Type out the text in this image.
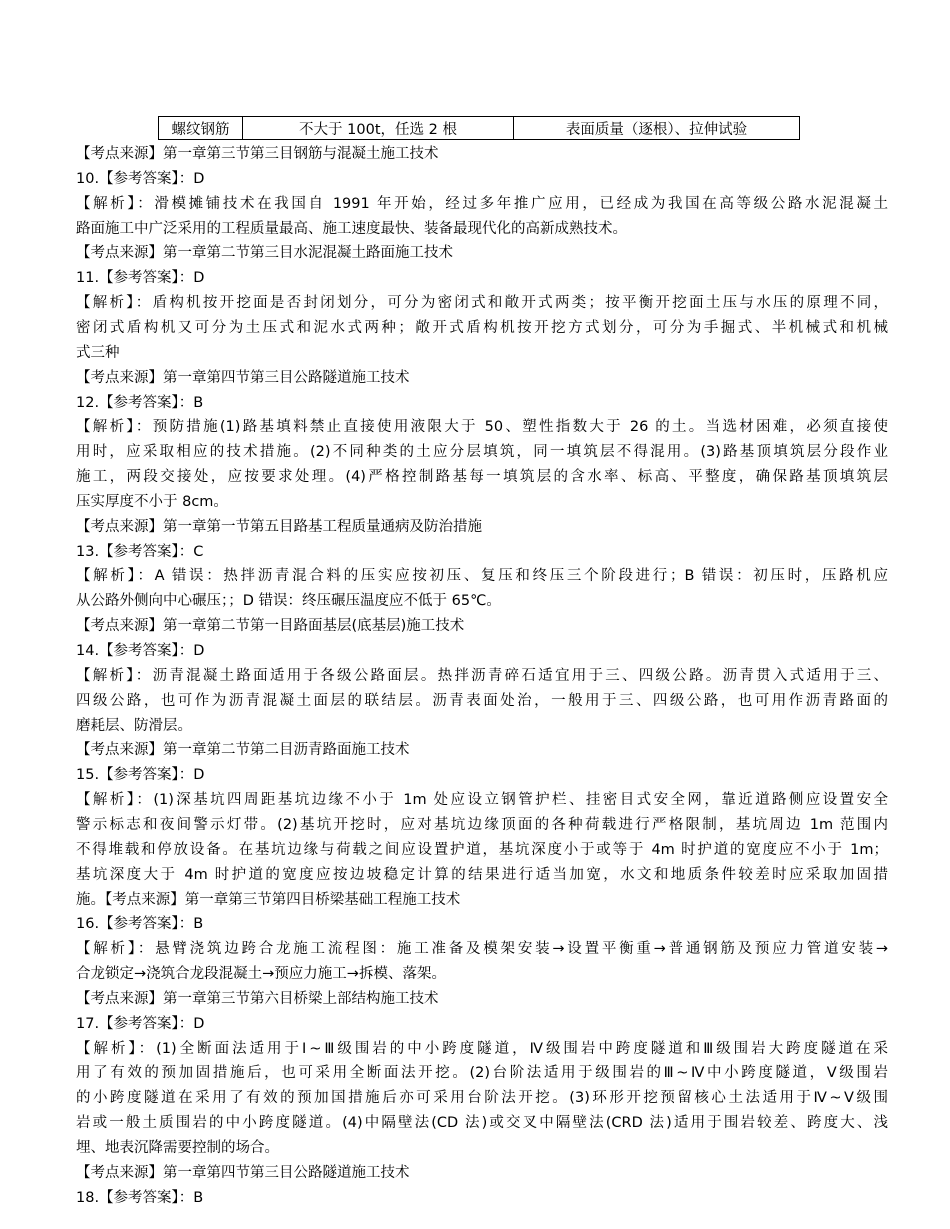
螺纹钢筋	不大于 100t，任选 2 根	表面质量（逐根）、拉伸试验
【考点来源】第一章第三节第三目钢筋与混凝土施工技术
10.【参考答案】：D
【解析】：滑模摊铺技术在我国自 1991 年开始，经过多年推广应用，已经成为我国在高等级公路水泥混凝土
路面施工中广泛采用的工程质量最高、施工速度最快、装备最现代化的高新成熟技术。
【考点来源】第一章第二节第三目水泥混凝土路面施工技术
11.【参考答案】：D
【解析】：盾构机按开挖面是否封闭划分，可分为密闭式和敞开式两类；按平衡开挖面土压与水压的原理不同，
密闭式盾构机又可分为土压式和泥水式两种；敞开式盾构机按开挖方式划分，可分为手掘式、半机械式和机械
式三种
【考点来源】第一章第四节第三目公路隧道施工技术
12.【参考答案】：B
【解析】：预防措施(1)路基填料禁止直接使用液限大于 50、塑性指数大于 26 的土。当选材困难，必须直接使
用时，应采取相应的技术措施。(2)不同种类的土应分层填筑，同一填筑层不得混用。(3)路基顶填筑层分段作业
施工，两段交接处，应按要求处理。(4)严格控制路基每一填筑层的含水率、标高、平整度，确保路基顶填筑层
压实厚度不小于 8cm。
【考点来源】第一章第一节第五目路基工程质量通病及防治措施
13.【参考答案】：C
【解析】：A 错误：热拌沥青混合料的压实应按初压、复压和终压三个阶段进行；B 错误：初压时，压路机应
从公路外侧向中心碾压；；D 错误：终压碾压温度应不低于 65℃。
【考点来源】第一章第二节第一目路面基层(底基层)施工技术
14.【参考答案】：D
【解析】：沥青混凝土路面适用于各级公路面层。热拌沥青碎石适宜用于三、四级公路。沥青贯入式适用于三、
四级公路，也可作为沥青混凝土面层的联结层。沥青表面处治，一般用于三、四级公路，也可用作沥青路面的
磨耗层、防滑层。
【考点来源】第一章第二节第二目沥青路面施工技术
15.【参考答案】：D
【解析】：(1)深基坑四周距基坑边缘不小于 1m 处应设立钢管护栏、挂密目式安全网，靠近道路侧应设置安全
警示标志和夜间警示灯带。(2)基坑开挖时，应对基坑边缘顶面的各种荷载进行严格限制，基坑周边 1m 范围内
不得堆载和停放设备。在基坑边缘与荷载之间应设置护道，基坑深度小于或等于 4m 时护道的宽度应不小于 1m；
基坑深度大于 4m 时护道的宽度应按边坡稳定计算的结果进行适当加宽，水文和地质条件较差时应采取加固措
施。【考点来源】第一章第三节第四目桥梁基础工程施工技术
16.【参考答案】：B
【解析】：悬臂浇筑边跨合龙施工流程图：施工准备及模架安装→设置平衡重→普通钢筋及预应力管道安装→
合龙锁定→浇筑合龙段混凝土→预应力施工→拆模、落架。
【考点来源】第一章第三节第六目桥梁上部结构施工技术
17.【参考答案】：D
【解析】：(1)全断面法适用于Ⅰ~Ⅲ级围岩的中小跨度隧道，Ⅳ级围岩中跨度隧道和Ⅲ级围岩大跨度隧道在采
用了有效的预加固措施后，也可采用全断面法开挖。(2)台阶法适用于级围岩的Ⅲ~Ⅳ中小跨度隧道，Ⅴ级围岩
的小跨度隧道在采用了有效的预加国措施后亦可采用台阶法开挖。(3)环形开挖预留核心土法适用于Ⅳ~Ⅴ级围
岩或一般土质围岩的中小跨度隧道。(4)中隔壁法(CD 法)或交叉中隔壁法(CRD 法)适用于围岩较差、跨度大、浅
埋、地表沉降需要控制的场合。
【考点来源】第一章第四节第三目公路隧道施工技术
18.【参考答案】：B
